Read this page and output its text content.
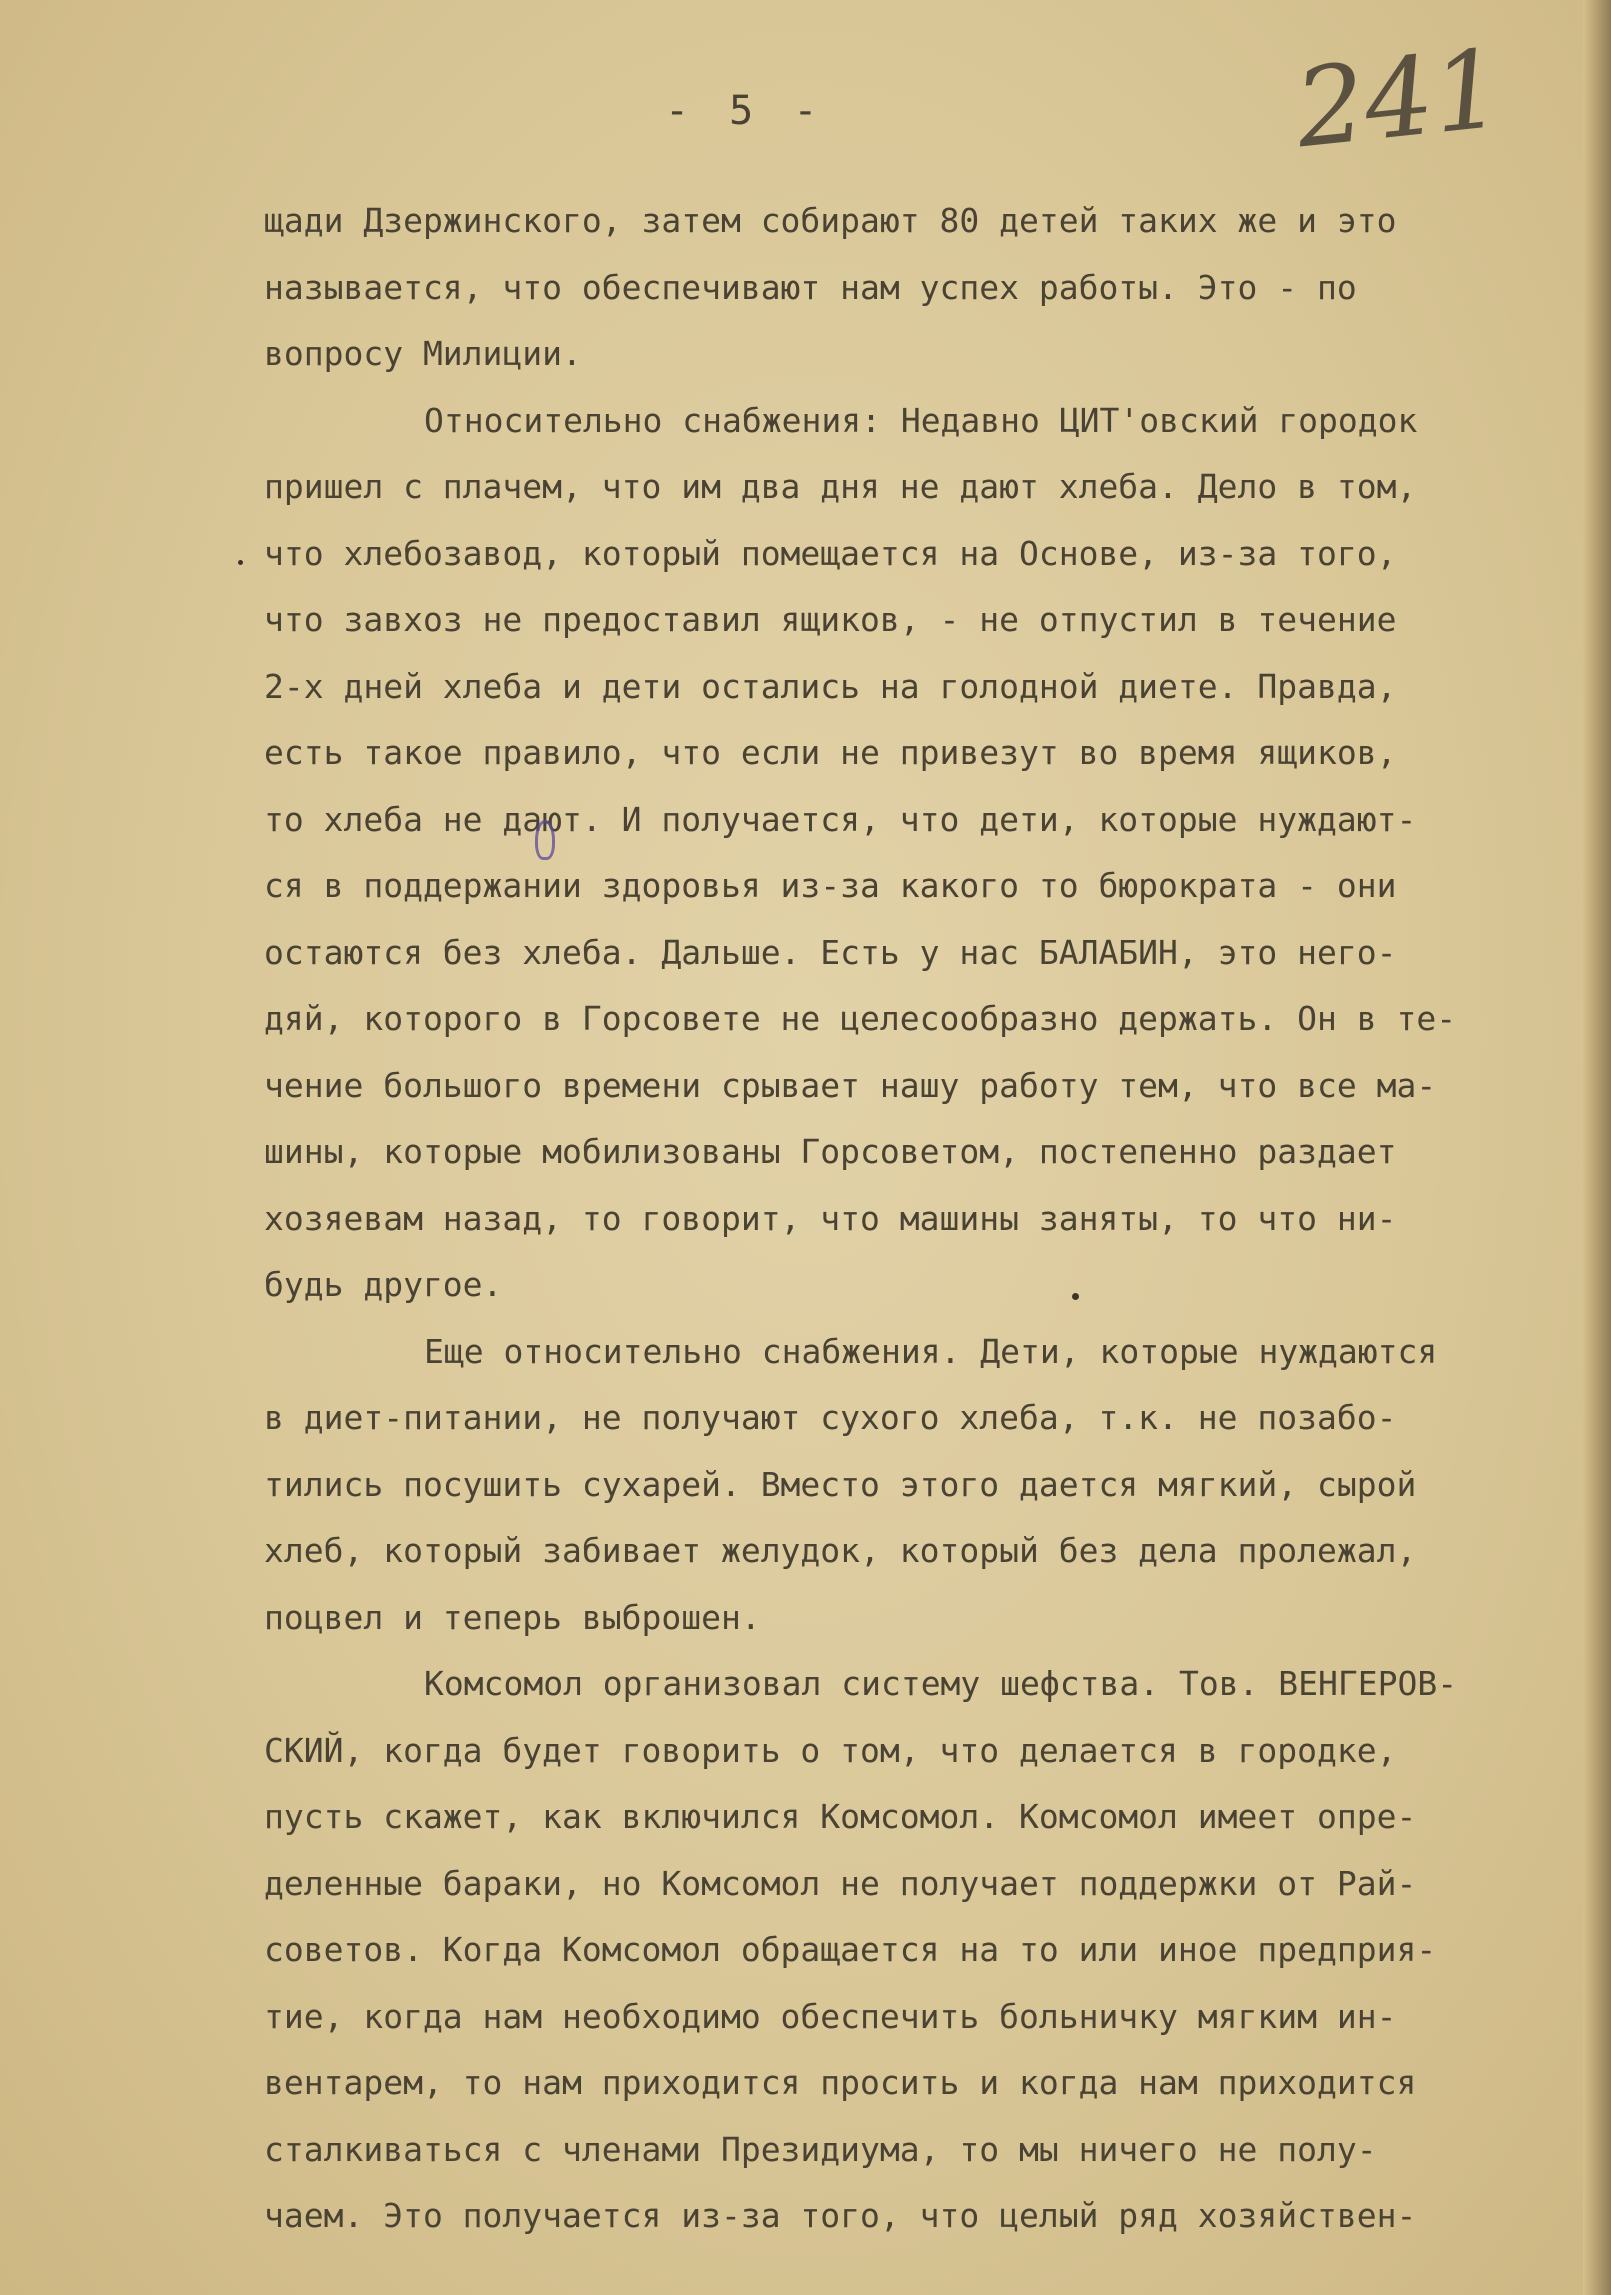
- 5 -	241
щади Дзержинского, затем собирают 80 детей таких же и это
называется, что обеспечивают нам успех работы. Это - по
вопросу Милиции.
Относительно снабжения: Недавно ЦИТ'овский городок
пришел с плачем, что им два дня не дают хлеба. Дело в том,
что хлебозавод, который помещается на Основе, из-за того,
что завхоз не предоставил ящиков, - не отпустил в течение
2-х дней хлеба и дети остались на голодной диете. Правда,
есть такое правило, что если не привезут во время ящиков,
то хлеба не дают. И получается, что дети, которые нуждают-
ся в поддержании здоровья из-за какого то бюрократа - они
остаются без хлеба. Дальше. Есть у нас БАЛАБИН, это него-
дяй, которого в Горсовете не целесообразно держать. Он в те-
чение большого времени срывает нашу работу тем, что все ма-
шины, которые мобилизованы Горсоветом, постепенно раздает
хозяевам назад, то говорит, что машины заняты, то что ни-
будь другое.
Еще относительно снабжения. Дети, которые нуждаются
в диет-питании, не получают сухого хлеба, т.к. не позабо-
тились посушить сухарей. Вместо этого дается мягкий, сырой
хлеб, который забивает желудок, который без дела пролежал,
поцвел и теперь выброшен.
Комсомол организовал систему шефства. Тов. ВЕНГЕРОВ-
СКИЙ, когда будет говорить о том, что делается в городке,
пусть скажет, как включился Комсомол. Комсомол имеет опре-
деленные бараки, но Комсомол не получает поддержки от Рай-
советов. Когда Комсомол обращается на то или иное предприя-
тие, когда нам необходимо обеспечить больничку мягким ин-
вентарем, то нам приходится просить и когда нам приходится
сталкиваться с членами Президиума, то мы ничего не полу-
чаем. Это получается из-за того, что целый ряд хозяйствен-
